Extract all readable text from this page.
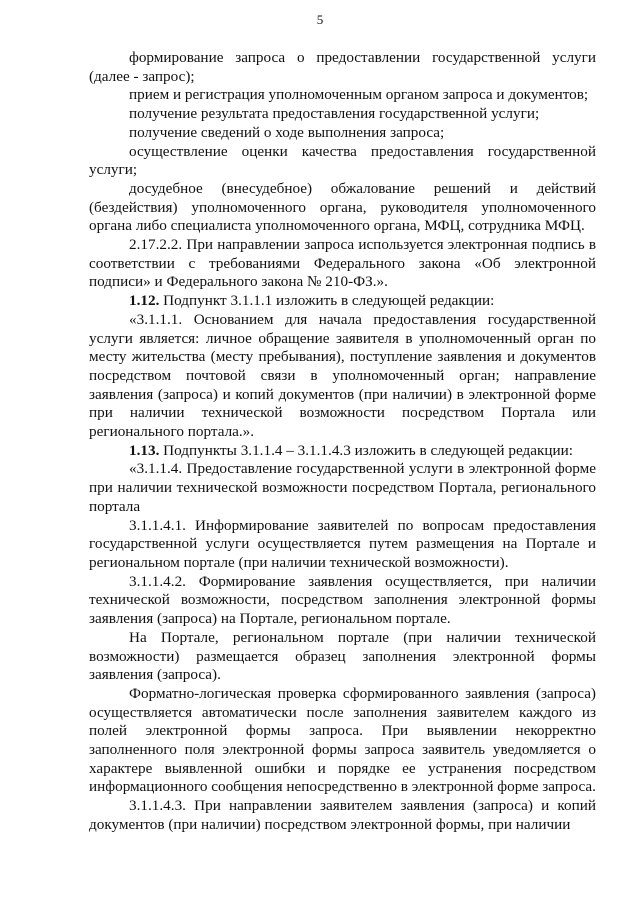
5

формирование запроса о предоставлении государственной услуги (далее - запрос);

прием и регистрация уполномоченным органом запроса и документов;

получение результата предоставления государственной услуги;

получение сведений о ходе выполнения запроса;

осуществление оценки качества предоставления государственной услуги;

досудебное (внесудебное) обжалование решений и действий (бездействия) уполномоченного органа, руководителя уполномоченного органа либо специалиста уполномоченного органа, МФЦ, сотрудника МФЦ.

2.17.2.2. При направлении запроса используется электронная подпись в соответствии с требованиями Федерального закона «Об электронной подписи» и Федерального закона № 210-ФЗ.».

1.12. Подпункт 3.1.1.1 изложить в следующей редакции:

«3.1.1.1. Основанием для начала предоставления государственной услуги является: личное обращение заявителя в уполномоченный орган по месту жительства (месту пребывания), поступление заявления и документов посредством почтовой связи в уполномоченный орган; направление заявления (запроса) и копий документов (при наличии) в электронной форме при наличии технической возможности посредством Портала или регионального портала.».

1.13. Подпункты 3.1.1.4 – 3.1.1.4.3 изложить в следующей редакции:

«3.1.1.4. Предоставление государственной услуги в электронной форме при наличии технической возможности посредством Портала, регионального портала

3.1.1.4.1. Информирование заявителей по вопросам предоставления государственной услуги осуществляется путем размещения на Портале и региональном портале (при наличии технической возможности).

3.1.1.4.2. Формирование заявления осуществляется, при наличии технической возможности, посредством заполнения электронной формы заявления (запроса) на Портале, региональном портале.

На Портале, региональном портале (при наличии технической возможности) размещается образец заполнения электронной формы заявления (запроса).

Форматно-логическая проверка сформированного заявления (запроса) осуществляется автоматически после заполнения заявителем каждого из полей электронной формы запроса. При выявлении некорректно заполненного поля электронной формы запроса заявитель уведомляется о характере выявленной ошибки и порядке ее устранения посредством информационного сообщения непосредственно в электронной форме запроса.

3.1.1.4.3. При направлении заявителем заявления (запроса) и копий документов (при наличии) посредством электронной формы, при наличии
